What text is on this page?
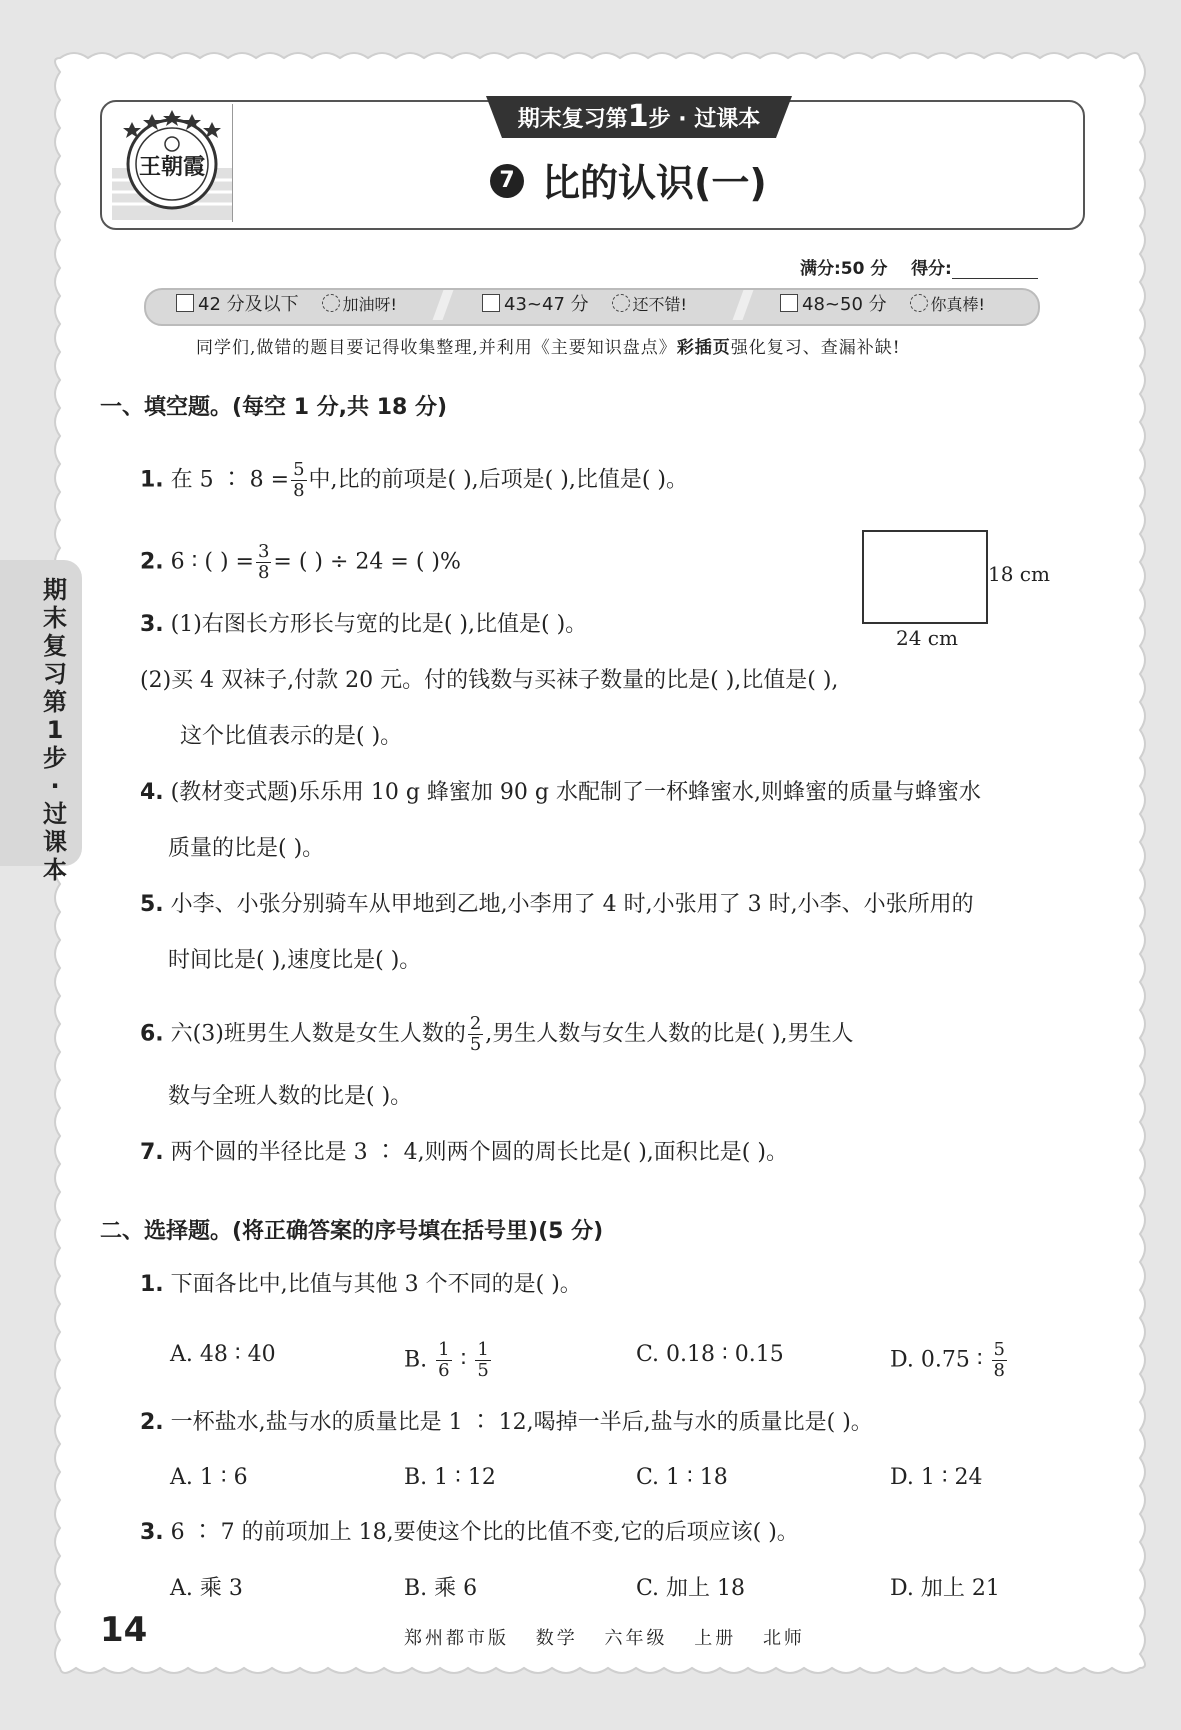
王朝霞
期末复习第1步 · 过课本
7 比的认识(一)
满分:50 分 得分:
42 分及以下	加油呀!	43~47 分	还不错!	48~50 分	你真棒!
同学们,做错的题目要记得收集整理,并利用《主要知识盘点》彩插页强化复习、查漏补缺!
期末复习第1步·过课本
一、填空题。(每空 1 分,共 18 分)
1. 在 5 ∶ $8 = \frac{5}{8}$ 中,比的前项是( ),后项是( ),比值是( )。
2. 6 ∶ ( ) = $\frac{3}{8}$ = ( ) ÷ 24 = ( )%	18 cm
24 cm
3. (1)右图长方形长与宽的比是( ),比值是( )。
(2)买 4 双袜子,付款 20 元。付的钱数与买袜子数量的比是( ),比值是( ),
这个比值表示的是( )。
4. (教材变式题)乐乐用 10 g 蜂蜜加 90 g 水配制了一杯蜂蜜水,则蜂蜜的质量与蜂蜜水
质量的比是( )。
5. 小李、小张分别骑车从甲地到乙地,小李用了 4 时,小张用了 3 时,小李、小张所用的
时间比是( ),速度比是( )。
6. 六(3)班男生人数是女生人数的 $\frac{2}{5}$ ,男生人数与女生人数的比是( ),男生人
数与全班人数的比是( )。
7. 两个圆的半径比是 3 ∶ 4,则两个圆的周长比是( ),面积比是( )。
二、选择题。(将正确答案的序号填在括号里)(5 分)
1. 下面各比中,比值与其他 3 个不同的是( )。
A. 48 ∶ 40	B. $\frac{1}{6}$ ∶ $\frac{1}{5}$	C. 0.18 ∶ 0.15	D. 0.75 ∶ $\frac{5}{8}$
2. 一杯盐水,盐与水的质量比是 1 ∶ 12,喝掉一半后,盐与水的质量比是( )。
A. 1 ∶ 6	B. 1 ∶ 12	C. 1 ∶ 18	D. 1 ∶ 24
3. 6 ∶ 7 的前项加上 18,要使这个比的比值不变,它的后项应该( )。
A. 乘 3	B. 乘 6	C. 加上 18	D. 加上 21
14	郑州都市版 数学 六年级 上册 北师
